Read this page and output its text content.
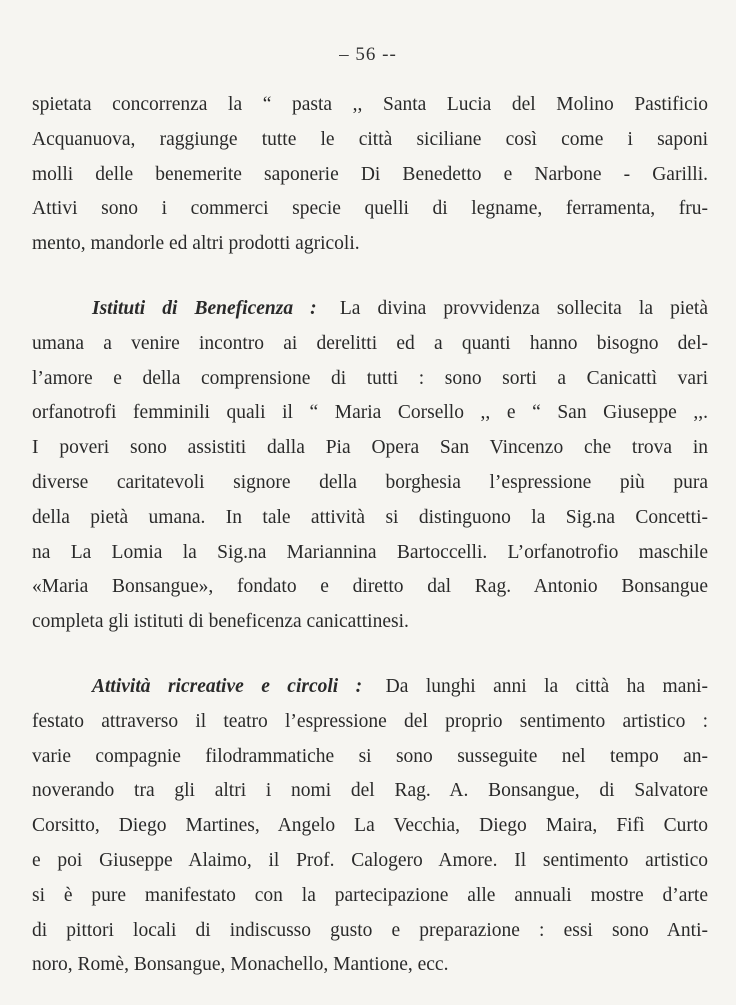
– 56 --
spietata concorrenza la “ pasta ,, Santa Lucia del Molino Pastificio
Acquanuova, raggiunge tutte le città siciliane così come i saponi
molli delle benemerite saponerie Di Benedetto e Narbone - Garilli.
Attivi sono i commerci specie quelli di legname, ferramenta, fru-
mento, mandorle ed altri prodotti agricoli.
Istituti di Beneficenza : La divina provvidenza sollecita la pietà
umana a venire incontro ai derelitti ed a quanti hanno bisogno del-
l’amore e della comprensione di tutti : sono sorti a Canicattì vari
orfanotrofi femminili quali il “ Maria Corsello ,, e “ San Giuseppe ,,.
I poveri sono assistiti dalla Pia Opera San Vincenzo che trova in
diverse caritatevoli signore della borghesia l’espressione più pura
della pietà umana. In tale attività si distinguono la Sig.na Concetti-
na La Lomia la Sig.na Mariannina Bartoccelli. L’orfanotrofio maschile
«Maria Bonsangue», fondato e diretto dal Rag. Antonio Bonsangue
completa gli istituti di beneficenza canicattinesi.
Attività ricreative e circoli : Da lunghi anni la città ha mani-
festato attraverso il teatro l’espressione del proprio sentimento artistico :
varie compagnie filodrammatiche si sono susseguite nel tempo an-
noverando tra gli altri i nomi del Rag. A. Bonsangue, di Salvatore
Corsitto, Diego Martines, Angelo La Vecchia, Diego Maira, Fifì Curto
e poi Giuseppe Alaimo, il Prof. Calogero Amore. Il sentimento artistico
si è pure manifestato con la partecipazione alle annuali mostre d’arte
di pittori locali di indiscusso gusto e preparazione : essi sono Anti-
noro, Romè, Bonsangue, Monachello, Mantione, ecc.
